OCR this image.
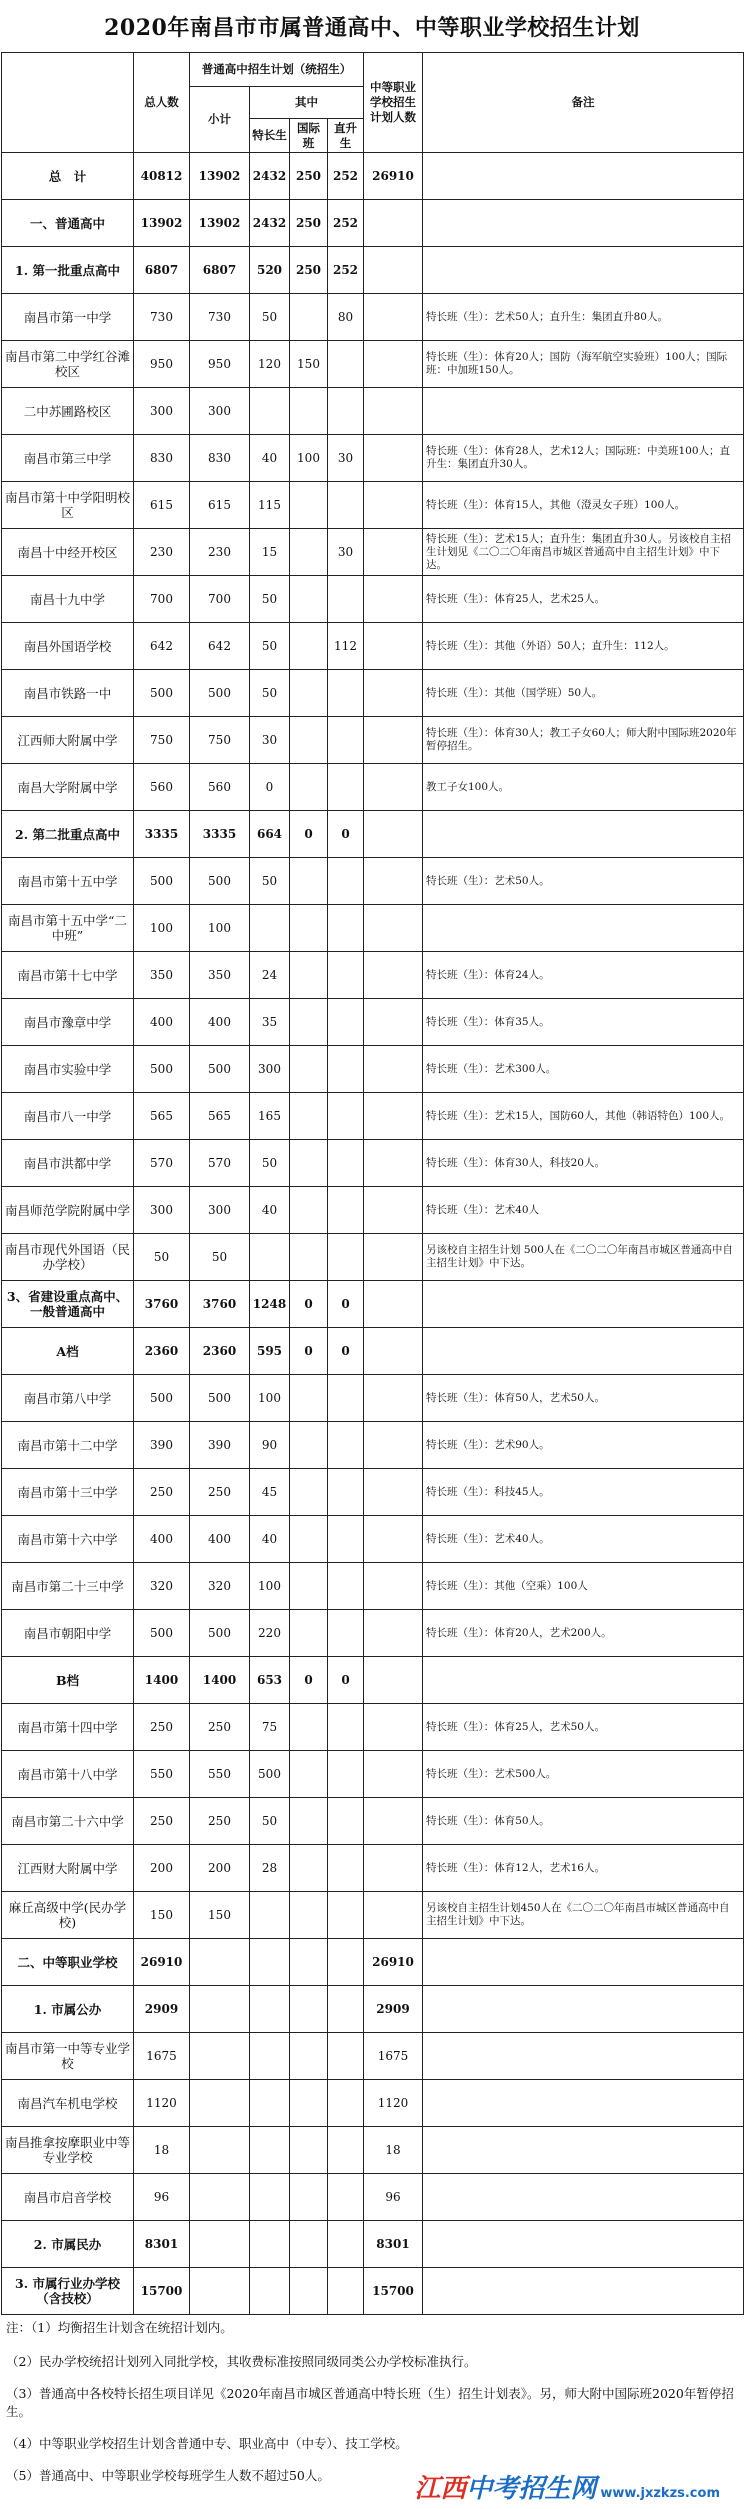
2020年南昌市市属普通高中、中等职业学校招生计划
	总人数	普通高中招生计划（统招生）				中等职业学校招生计划人数	备注
		小计	其中				
			特长生	国际班	直升生		
总　计	40812	13902	2432	250	252	26910	
一、普通高中	13902	13902	2432	250	252		
1. 第一批重点高中	6807	6807	520	250	252		
南昌市第一中学	730	730	50		80		特长班（生）：艺术50人；直升生：集团直升80人。
南昌市第二中学红谷滩校区	950	950	120	150			特长班（生）：体育20人；国防（海军航空实验班）100人；国际班：中加班150人。
二中苏圃路校区	300	300					
南昌市第三中学	830	830	40	100	30		特长班（生）：体育28人，艺术12人；国际班：中美班100人；直升生：集团直升30人。
南昌市第十中学阳明校区	615	615	115				特长班（生）：体育15人，其他（澄灵女子班）100人。
南昌十中经开校区	230	230	15		30		特长班（生）：艺术15人；直升生：集团直升30人。另该校自主招生计划见《二〇二〇年南昌市城区普通高中自主招生计划》中下达。
南昌十九中学	700	700	50				特长班（生）：体育25人，艺术25人。
南昌外国语学校	642	642	50		112		特长班（生）：其他（外语）50人；直升生：112人。
南昌市铁路一中	500	500	50				特长班（生）：其他（国学班）50人。
江西师大附属中学	750	750	30				特长班（生）：体育30人；教工子女60人；师大附中国际班2020年暂停招生。
南昌大学附属中学	560	560	0				教工子女100人。
2. 第二批重点高中	3335	3335	664	0	0		
南昌市第十五中学	500	500	50				特长班（生）：艺术50人。
南昌市第十五中学“二中班”	100	100					
南昌市第十七中学	350	350	24				特长班（生）：体育24人。
南昌市豫章中学	400	400	35				特长班（生）：体育35人。
南昌市实验中学	500	500	300				特长班（生）：艺术300人。
南昌市八一中学	565	565	165				特长班（生）：艺术15人，国防60人，其他（韩语特色）100人。
南昌市洪都中学	570	570	50				特长班（生）：体育30人，科技20人。
南昌师范学院附属中学	300	300	40				特长班（生）：艺术40人
南昌市现代外国语（民办学校）	50	50					另该校自主招生计划 500人在《二〇二〇年南昌市城区普通高中自主招生计划》中下达。
3、省建设重点高中、一般普通高中	3760	3760	1248	0	0		
A档	2360	2360	595	0	0		
南昌市第八中学	500	500	100				特长班（生）：体育50人，艺术50人。
南昌市第十二中学	390	390	90				特长班（生）：艺术90人。
南昌市第十三中学	250	250	45				特长班（生）：科技45人。
南昌市第十六中学	400	400	40				特长班（生）：艺术40人。
南昌市第二十三中学	320	320	100				特长班（生）：其他（空乘）100人
南昌市朝阳中学	500	500	220				特长班（生）：体育20人，艺术200人。
B档	1400	1400	653	0	0		
南昌市第十四中学	250	250	75				特长班（生）：体育25人，艺术50人。
南昌市第十八中学	550	550	500				特长班（生）：艺术500人。
南昌市第二十六中学	250	250	50				特长班（生）：体育50人。
江西财大附属中学	200	200	28				特长班（生）：体育12人，艺术16人。
麻丘高级中学(民办学校)	150	150					另该校自主招生计划450人在《二〇二〇年南昌市城区普通高中自主招生计划》中下达。
二、中等职业学校	26910					26910	
1. 市属公办	2909					2909	
南昌市第一中等专业学校	1675					1675	
南昌汽车机电学校	1120					1120	
南昌推拿按摩职业中等专业学校	18					18	
南昌市启音学校	96					96	
2. 市属民办	8301					8301	
3. 市属行业办学校（含技校）	15700					15700	
注：（1）均衡招生计划含在统招计划内。
（2）民办学校统招计划列入同批学校，其收费标准按照同级同类公办学校标准执行。
（3）普通高中各校特长招生项目详见《2020年南昌市城区普通高中特长班（生）招生计划表》。另，师大附中国际班2020年暂停招生。
（4）中等职业学校招生计划含普通中专、职业高中（中专）、技工学校。
（5）普通高中、中等职业学校每班学生人数不超过50人。	江西中考招生网 www.jxzkzs.com
